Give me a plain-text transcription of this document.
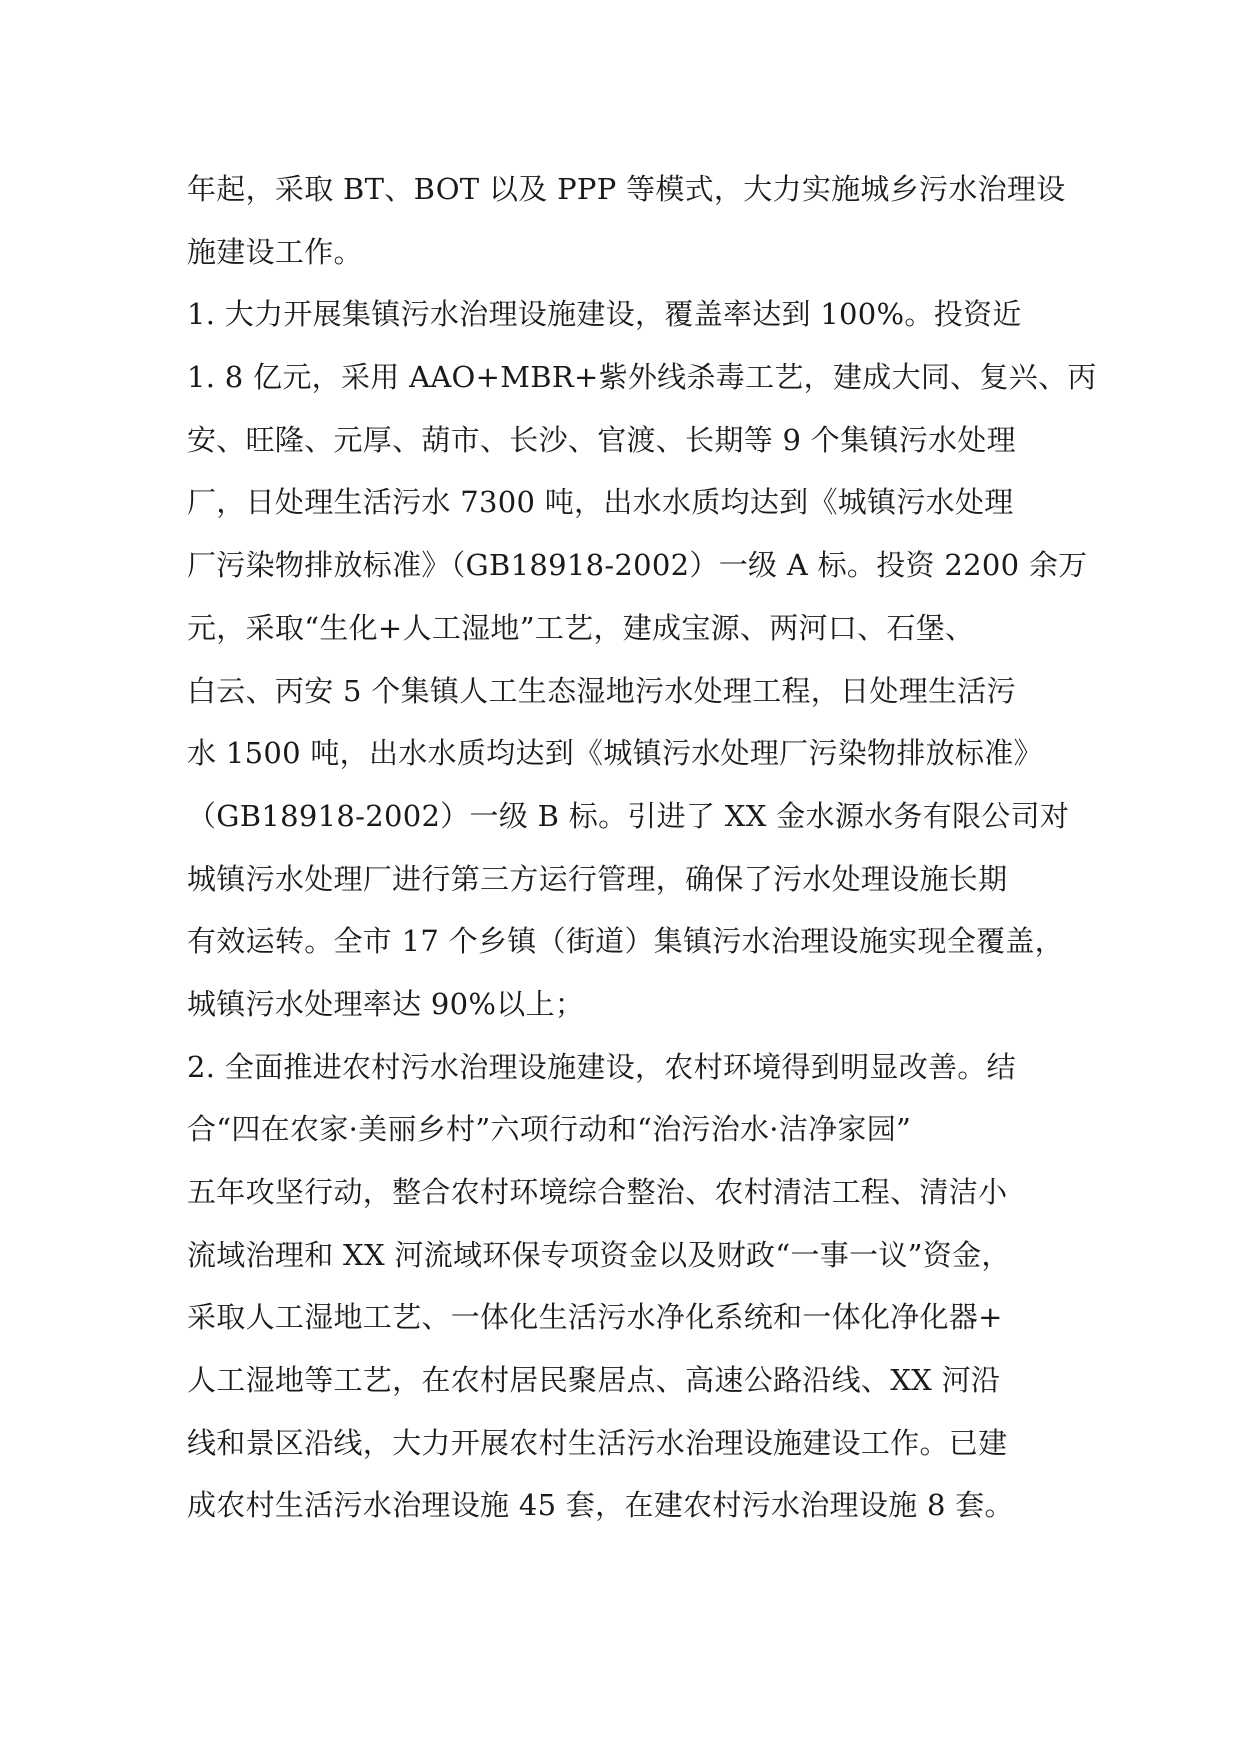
年起，采取 BT、BOT 以及 PPP 等模式，大力实施城乡污水治理设
施建设工作。
1. 大力开展集镇污水治理设施建设，覆盖率达到 100%。投资近
1. 8 亿元，采用 AAO+MBR+紫外线杀毒工艺，建成大同、复兴、丙
安、旺隆、元厚、葫市、长沙、官渡、长期等 9 个集镇污水处理
厂，日处理生活污水 7300 吨，出水水质均达到《城镇污水处理
厂污染物排放标准》（GB18918-2002）一级 A 标。投资 2200 余万
元，采取“生化+人工湿地”工艺，建成宝源、两河口、石堡、
白云、丙安 5 个集镇人工生态湿地污水处理工程，日处理生活污
水 1500 吨，出水水质均达到《城镇污水处理厂污染物排放标准》
（GB18918-2002）一级 B 标。引进了 XX 金水源水务有限公司对
城镇污水处理厂进行第三方运行管理，确保了污水处理设施长期
有效运转。全市 17 个乡镇（街道）集镇污水治理设施实现全覆盖，
城镇污水处理率达 90%以上；
2. 全面推进农村污水治理设施建设，农村环境得到明显改善。结
合“四在农家·美丽乡村”六项行动和“治污治水·洁净家园”
五年攻坚行动，整合农村环境综合整治、农村清洁工程、清洁小
流域治理和 XX 河流域环保专项资金以及财政“一事一议”资金，
采取人工湿地工艺、一体化生活污水净化系统和一体化净化器+
人工湿地等工艺，在农村居民聚居点、高速公路沿线、XX 河沿
线和景区沿线，大力开展农村生活污水治理设施建设工作。已建
成农村生活污水治理设施 45 套，在建农村污水治理设施 8 套。
